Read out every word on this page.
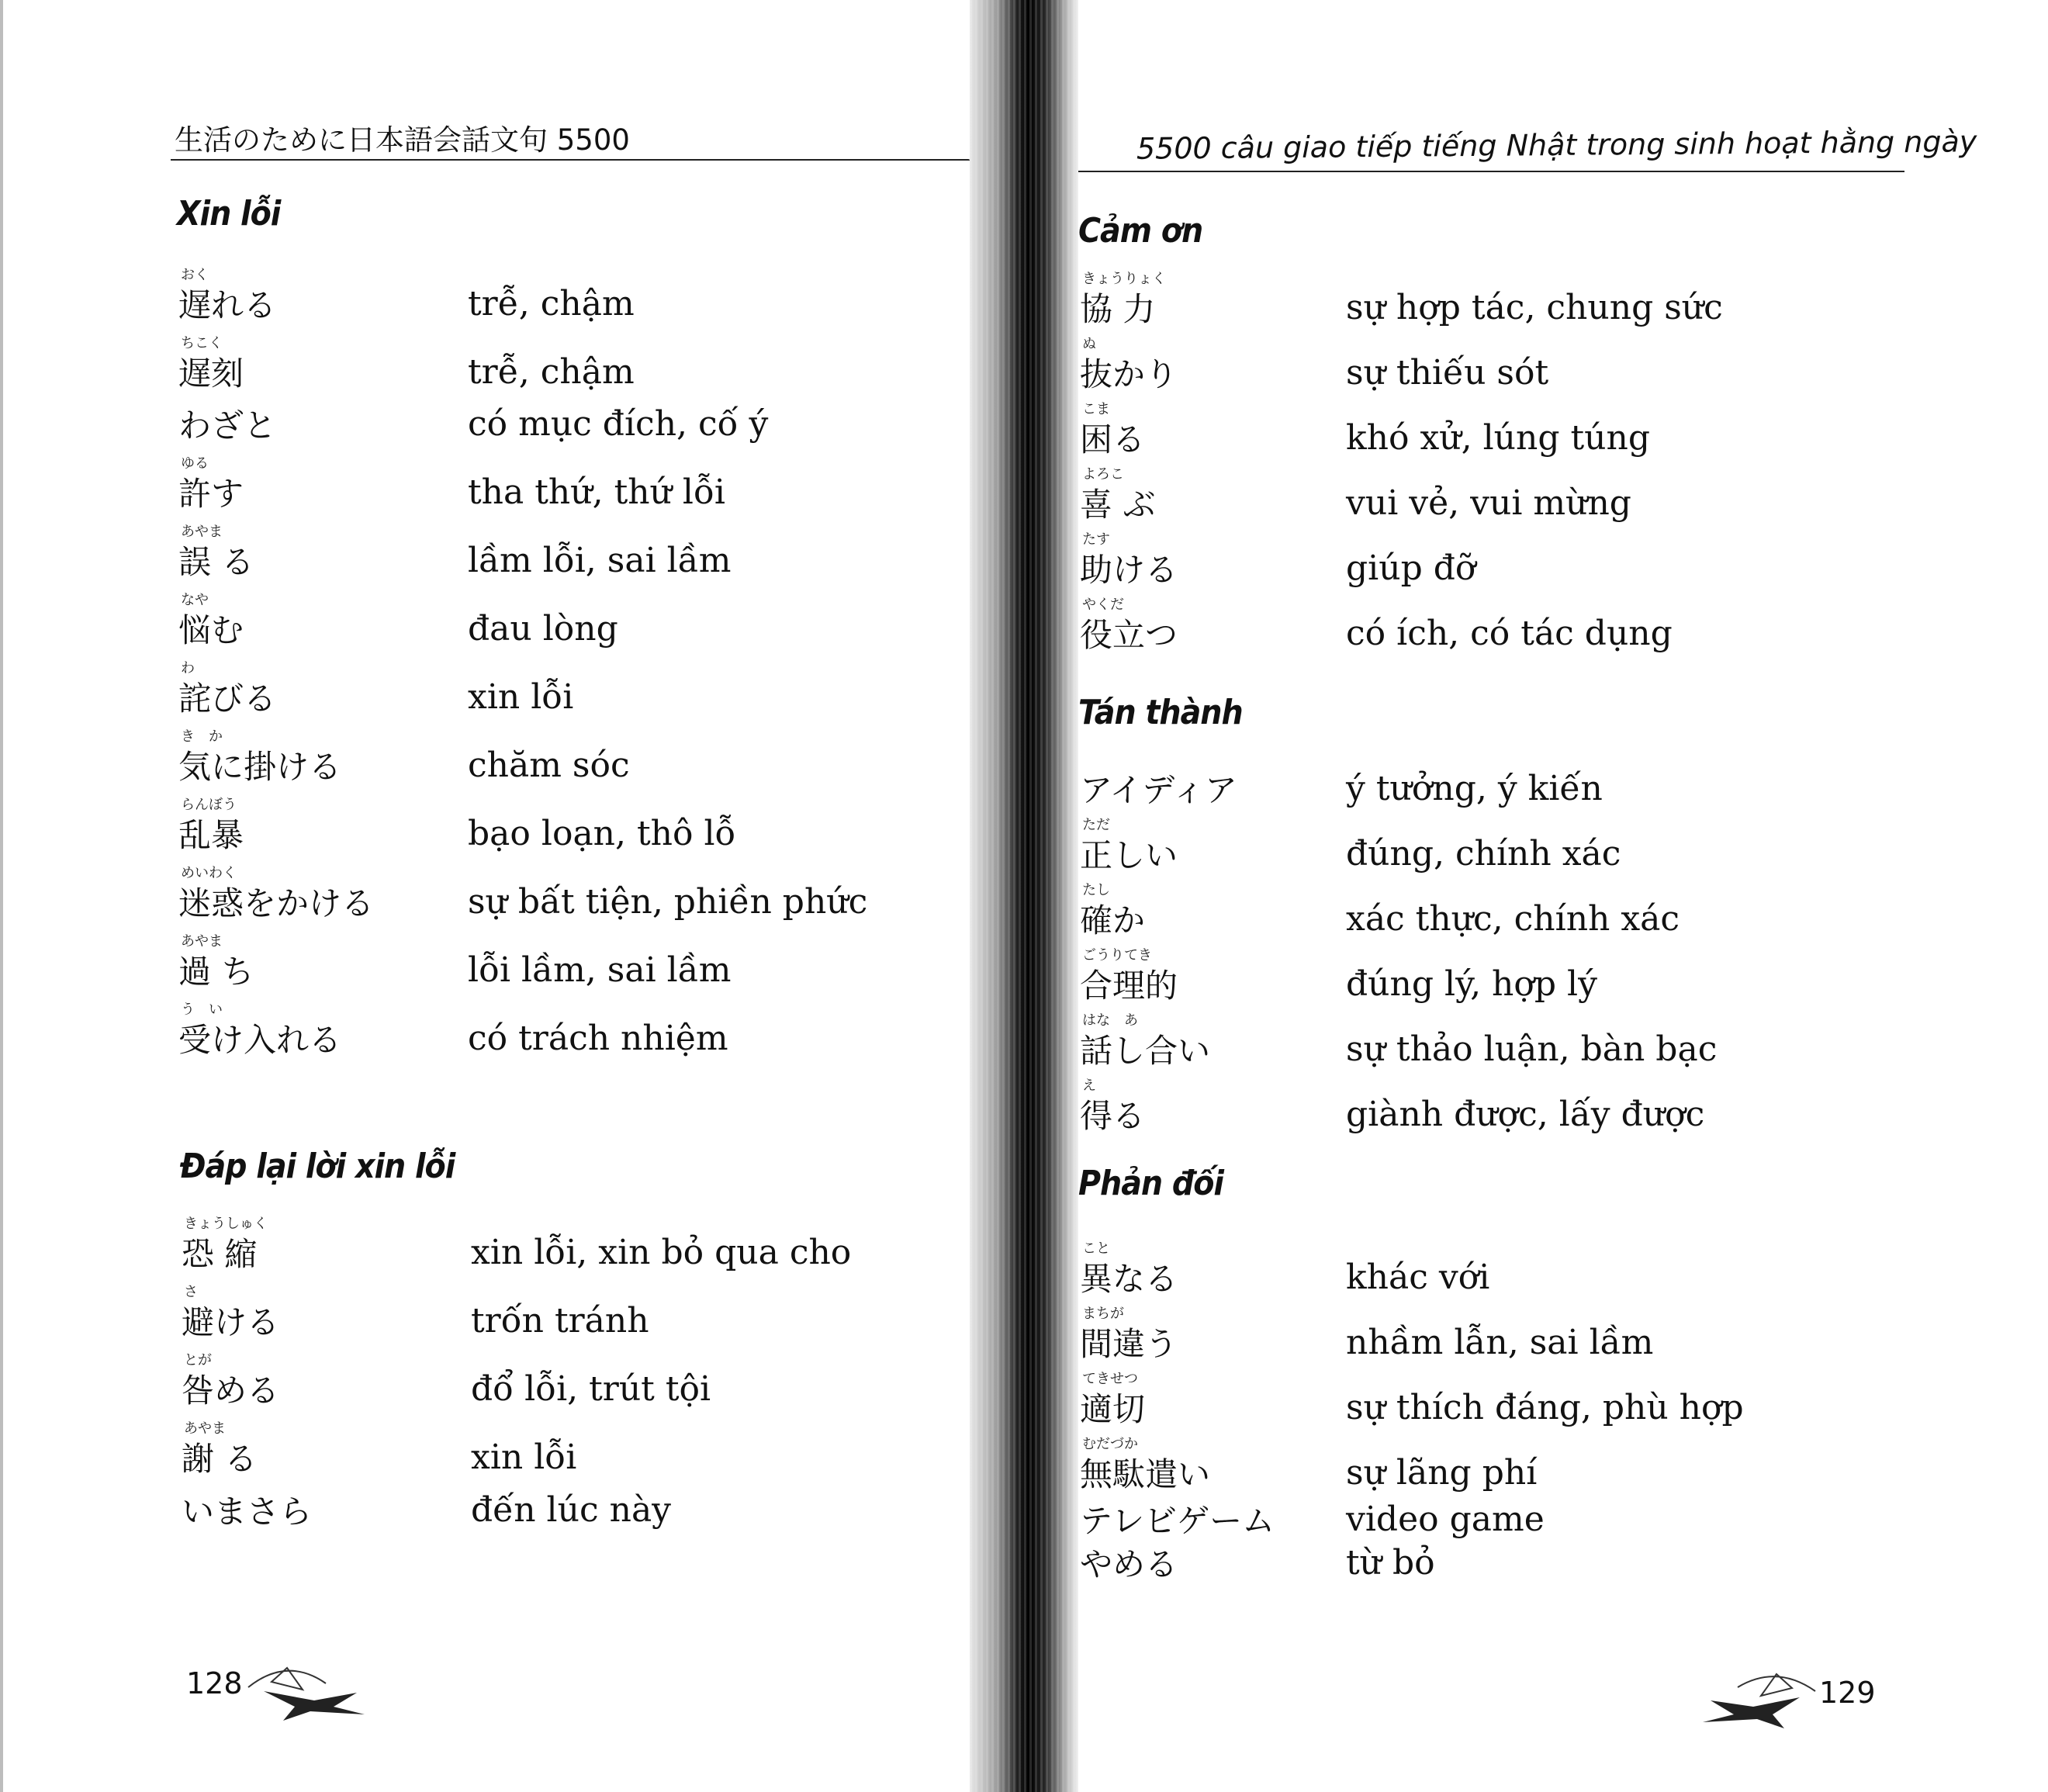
生活のために日本語会話文句 5500
Xin lỗi
おく
遅れる	trễ, chậm
ちこく
遅刻	trễ, chậm
わざと	có mục đích, cố ý
ゆる
許す	tha thứ, thứ lỗi
あやま
誤 る	lầm lỗi, sai lầm
なや
悩む	đau lòng
わ
詫びる	xin lỗi
き　か
気に掛ける	chăm sóc
らんぼう
乱暴	bạo loạn, thô lỗ
めいわく
迷惑をかける	sự bất tiện, phiền phức
あやま
過 ち	lỗi lầm, sai lầm
う　い
受け入れる	có trách nhiệm
Đáp lại lời xin lỗi
きょうしゅく
恐 縮	xin lỗi, xin bỏ qua cho
さ
避ける	trốn tránh
とが
咎める	đổ lỗi, trút tội
あやま
謝 る	xin lỗi
いまさら	đến lúc này
128
5500 câu giao tiếp tiếng Nhật trong sinh hoạt hằng ngày
Cảm ơn
きょうりょく
協 力	sự hợp tác, chung sức
ぬ
抜かり	sự thiếu sót
こま
困る	khó xử, lúng túng
よろこ
喜 ぶ	vui vẻ, vui mừng
たす
助ける	giúp đỡ
やくだ
役立つ	có ích, có tác dụng
Tán thành
アイディア	ý tưởng, ý kiến
ただ
正しい	đúng, chính xác
たし
確か	xác thực, chính xác
ごうりてき
合理的	đúng lý, hợp lý
はな　あ
話し合い	sự thảo luận, bàn bạc
え
得る	giành được, lấy được
Phản đối
こと
異なる	khác với
まちが
間違う	nhầm lẫn, sai lầm
てきせつ
適切	sự thích đáng, phù hợp
むだづか
無駄遣い	sự lãng phí
テレビゲーム video game
やめる	từ bỏ
129
